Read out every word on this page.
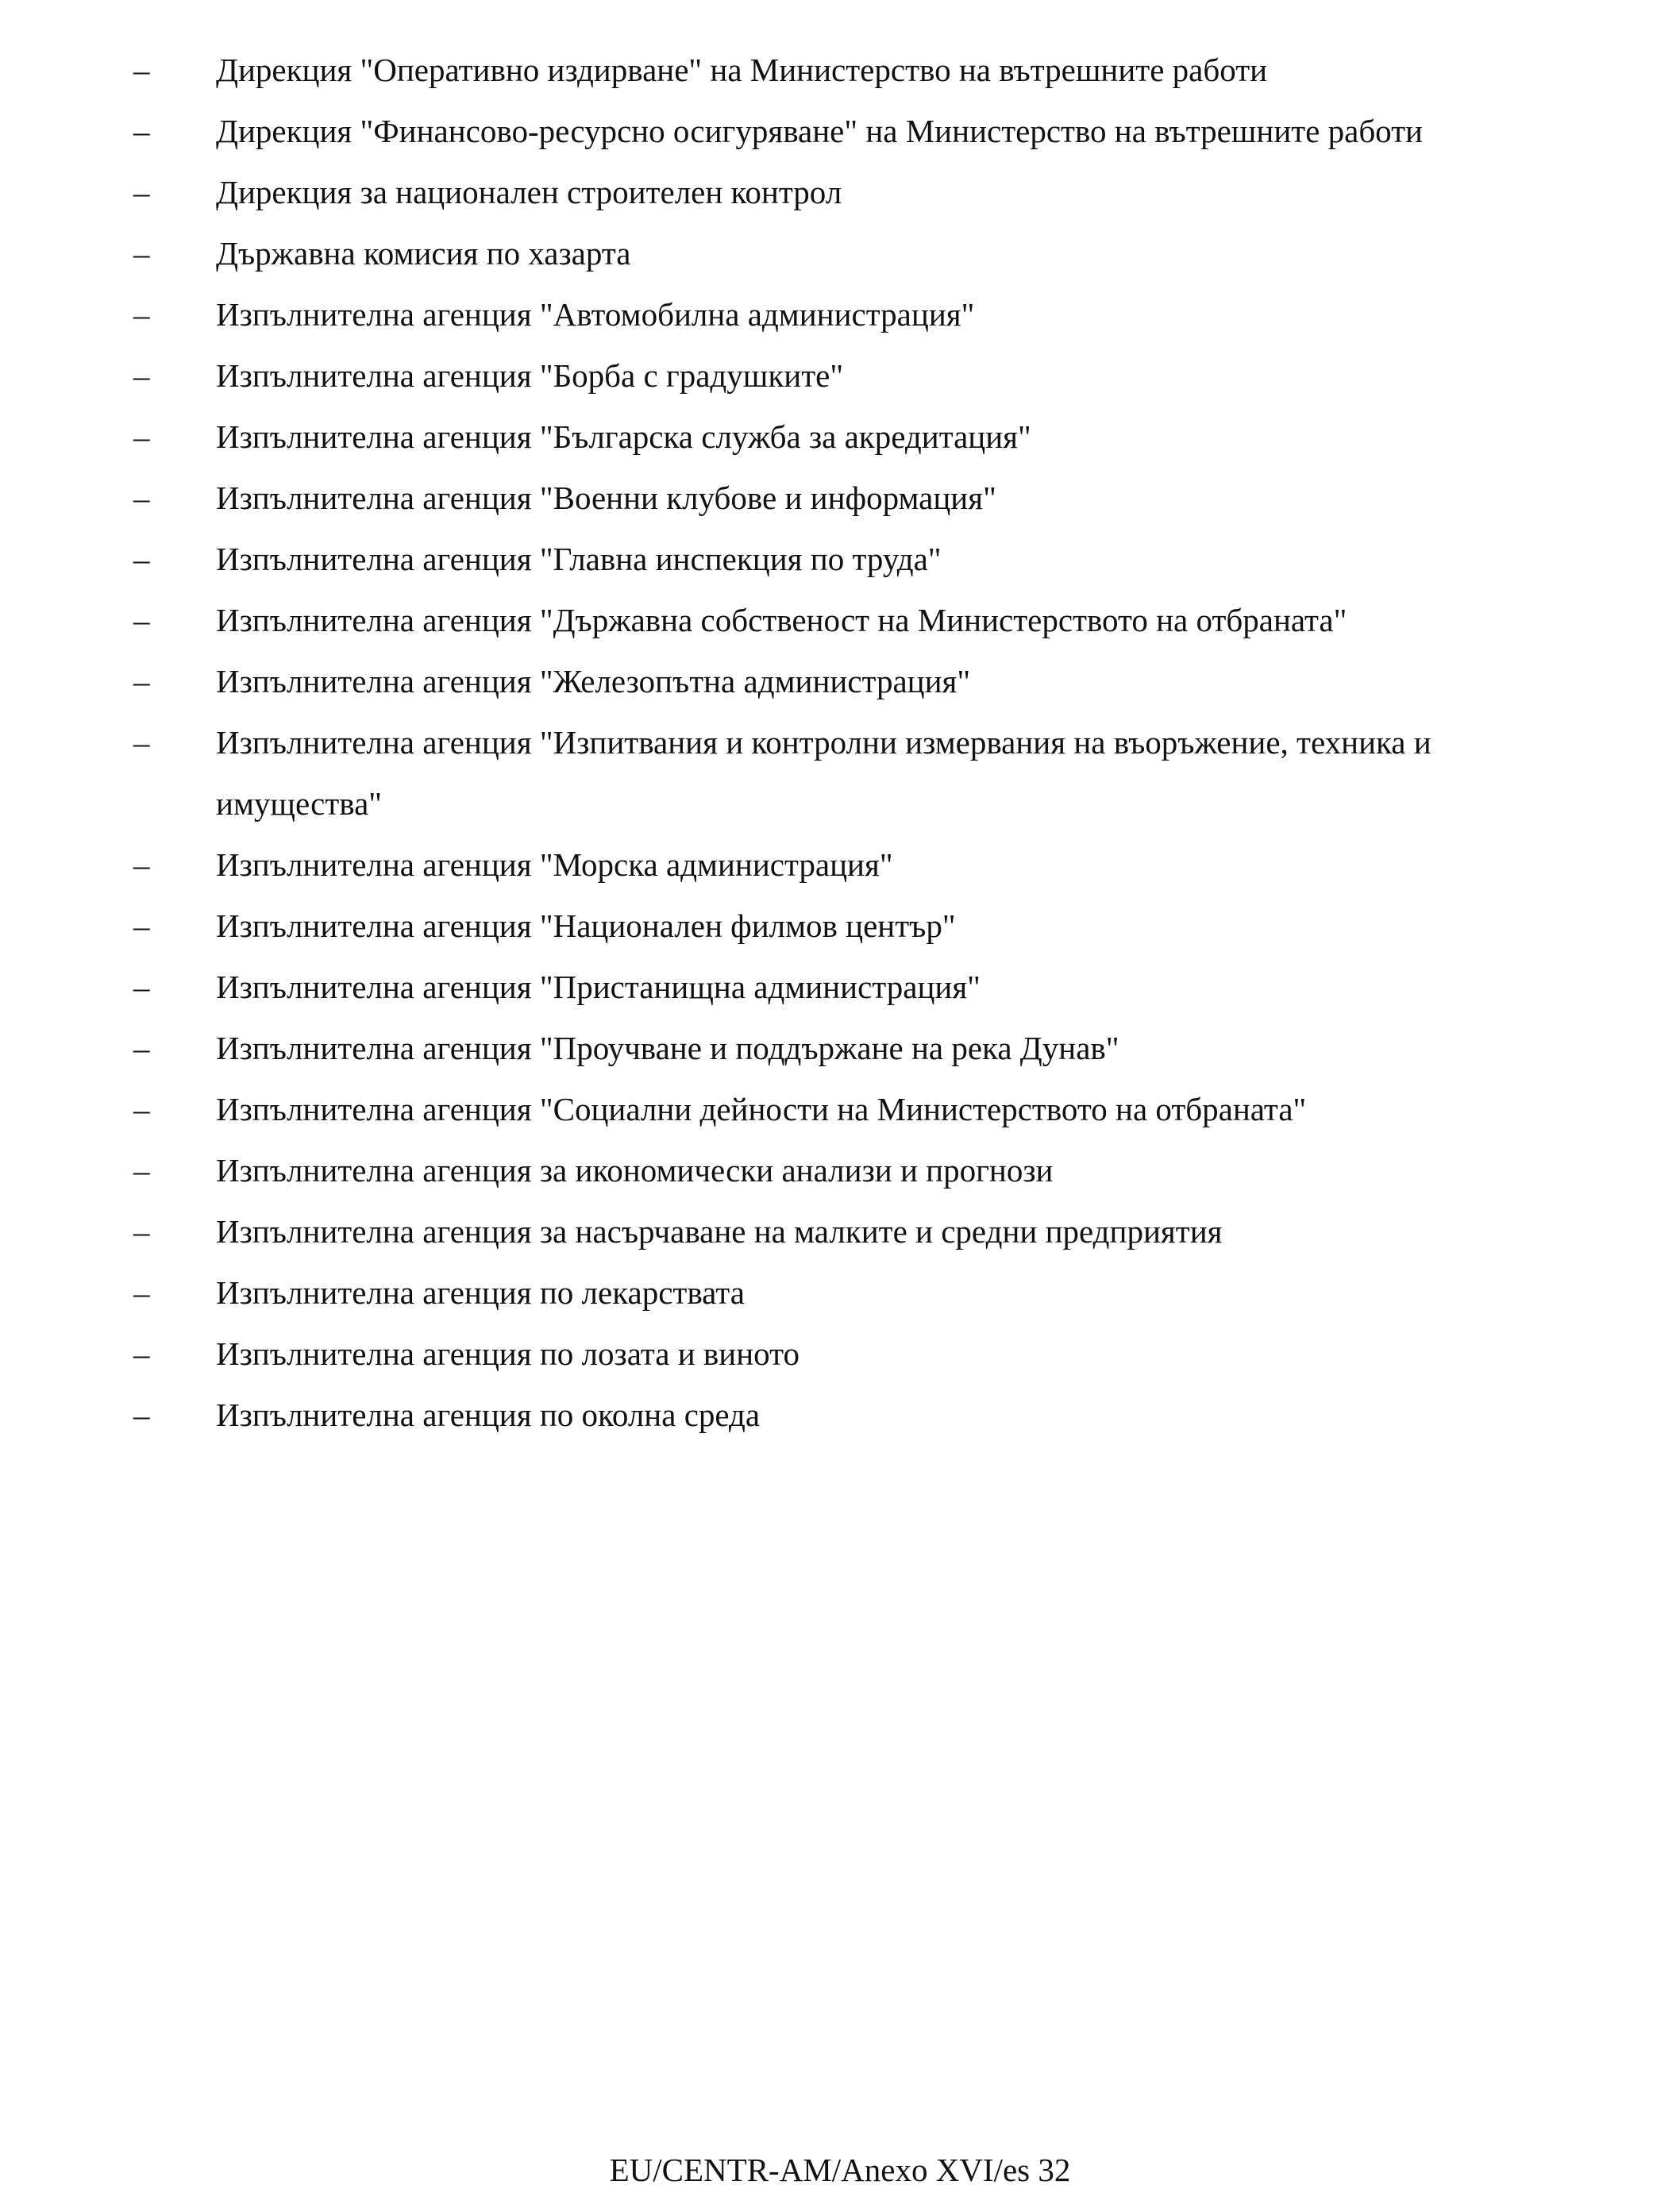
–	Дирекция "Оперативно издирване" на Министерство на вътрешните работи
–	Дирекция "Финансово-ресурсно осигуряване" на Министерство на вътрешните работи
–	Дирекция за национален строителен контрол
–	Държавна комисия по хазарта
–	Изпълнителна агенция "Автомобилна администрация"
–	Изпълнителна агенция "Борба с градушките"
–	Изпълнителна агенция "Българска служба за акредитация"
–	Изпълнителна агенция "Военни клубове и информация"
–	Изпълнителна агенция "Главна инспекция по труда"
–	Изпълнителна агенция "Държавна собственост на Министерството на отбраната"
–	Изпълнителна агенция "Железопътна администрация"
–	Изпълнителна агенция "Изпитвания и контролни измервания на въоръжение, техника и имущества"
–	Изпълнителна агенция "Морска администрация"
–	Изпълнителна агенция "Национален филмов център"
–	Изпълнителна агенция "Пристанищна администрация"
–	Изпълнителна агенция "Проучване и поддържане на река Дунав"
–	Изпълнителна агенция "Социални дейности на Министерството на отбраната"
–	Изпълнителна агенция за икономически анализи и прогнози
–	Изпълнителна агенция за насърчаване на малките и средни предприятия
–	Изпълнителна агенция по лекарствата
–	Изпълнителна агенция по лозата и виното
–	Изпълнителна агенция по околна среда
EU/CENTR-AM/Anexo XVI/es 32
